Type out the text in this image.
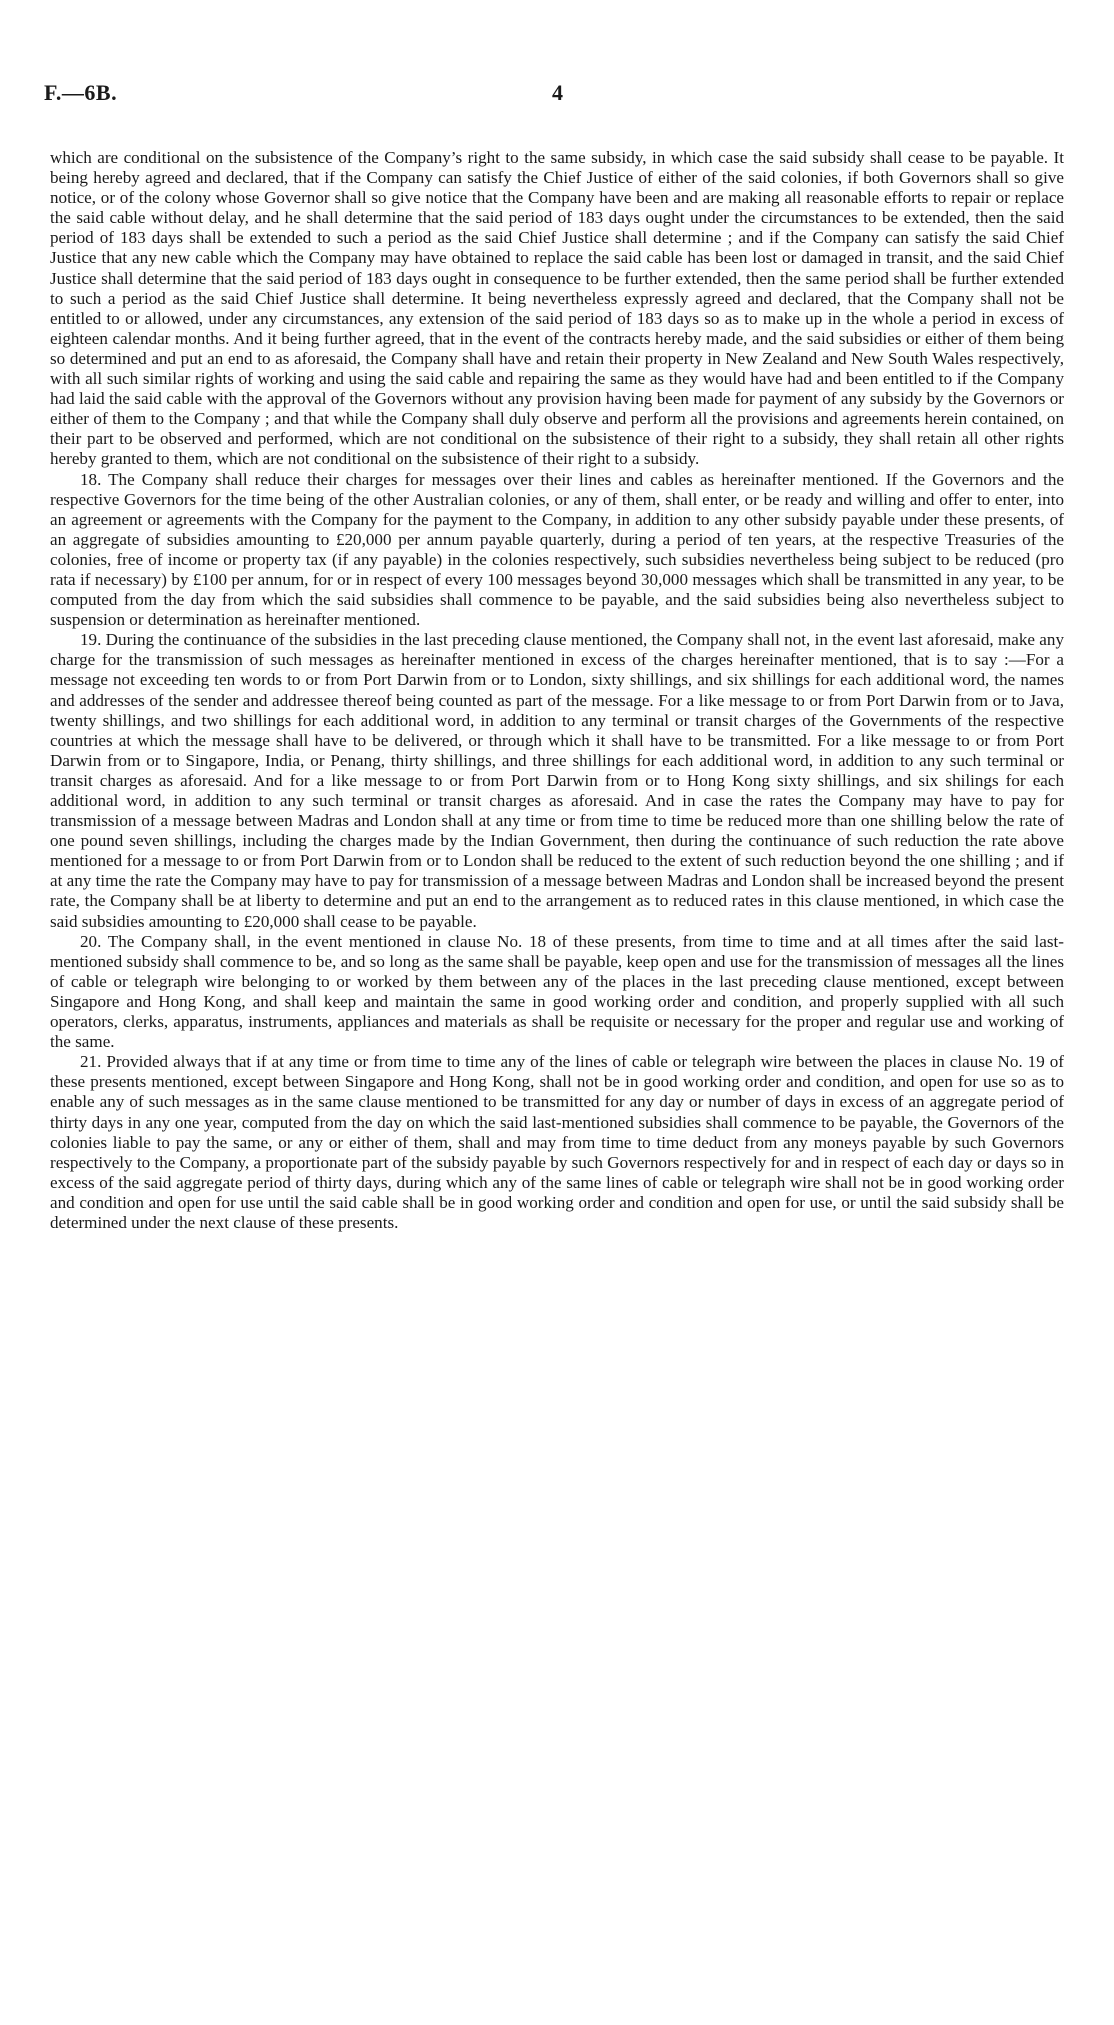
F.—6B.	4

which are conditional on the subsistence of the Company’s right to the same subsidy, in which case the said subsidy shall cease to be payable. It being hereby agreed and declared, that if the Company can satisfy the Chief Justice of either of the said colonies, if both Governors shall so give notice, or of the colony whose Governor shall so give notice that the Company have been and are making all reasonable efforts to repair or replace the said cable without delay, and he shall determine that the said period of 183 days ought under the circumstances to be extended, then the said period of 183 days shall be extended to such a period as the said Chief Justice shall determine ; and if the Company can satisfy the said Chief Justice that any new cable which the Company may have obtained to replace the said cable has been lost or damaged in transit, and the said Chief Justice shall determine that the said period of 183 days ought in consequence to be further extended, then the same period shall be further extended to such a period as the said Chief Justice shall determine. It being nevertheless expressly agreed and declared, that the Company shall not be entitled to or allowed, under any circumstances, any extension of the said period of 183 days so as to make up in the whole a period in excess of eighteen calendar months. And it being further agreed, that in the event of the contracts hereby made, and the said subsidies or either of them being so determined and put an end to as aforesaid, the Company shall have and retain their property in New Zealand and New South Wales respectively, with all such similar rights of working and using the said cable and repairing the same as they would have had and been entitled to if the Company had laid the said cable with the approval of the Governors without any provision having been made for payment of any subsidy by the Governors or either of them to the Company ; and that while the Company shall duly observe and perform all the provisions and agreements herein contained, on their part to be observed and performed, which are not conditional on the subsistence of their right to a subsidy, they shall retain all other rights hereby granted to them, which are not conditional on the subsistence of their right to a subsidy.

18. The Company shall reduce their charges for messages over their lines and cables as hereinafter mentioned. If the Governors and the respective Governors for the time being of the other Australian colonies, or any of them, shall enter, or be ready and willing and offer to enter, into an agreement or agreements with the Company for the payment to the Company, in addition to any other subsidy payable under these presents, of an aggregate of subsidies amounting to £20,000 per annum payable quarterly, during a period of ten years, at the respective Treasuries of the colonies, free of income or property tax (if any payable) in the colonies respectively, such subsidies nevertheless being subject to be reduced (pro rata if necessary) by £100 per annum, for or in respect of every 100 messages beyond 30,000 messages which shall be transmitted in any year, to be computed from the day from which the said subsidies shall commence to be payable, and the said subsidies being also nevertheless subject to suspension or determination as hereinafter mentioned.

19. During the continuance of the subsidies in the last preceding clause mentioned, the Company shall not, in the event last aforesaid, make any charge for the transmission of such messages as hereinafter mentioned in excess of the charges hereinafter mentioned, that is to say :—For a message not exceeding ten words to or from Port Darwin from or to London, sixty shillings, and six shillings for each additional word, the names and addresses of the sender and addressee thereof being counted as part of the message. For a like message to or from Port Darwin from or to Java, twenty shillings, and two shillings for each additional word, in addition to any terminal or transit charges of the Governments of the respective countries at which the message shall have to be delivered, or through which it shall have to be transmitted. For a like message to or from Port Darwin from or to Singapore, India, or Penang, thirty shillings, and three shillings for each additional word, in addition to any such terminal or transit charges as aforesaid. And for a like message to or from Port Darwin from or to Hong Kong sixty shillings, and six shilings for each additional word, in addition to any such terminal or transit charges as aforesaid. And in case the rates the Company may have to pay for transmission of a message between Madras and London shall at any time or from time to time be reduced more than one shilling below the rate of one pound seven shillings, including the charges made by the Indian Government, then during the continuance of such reduction the rate above mentioned for a message to or from Port Darwin from or to London shall be reduced to the extent of such reduction beyond the one shilling ; and if at any time the rate the Company may have to pay for transmission of a message between Madras and London shall be increased beyond the present rate, the Company shall be at liberty to determine and put an end to the arrangement as to reduced rates in this clause mentioned, in which case the said subsidies amounting to £20,000 shall cease to be payable.

20. The Company shall, in the event mentioned in clause No. 18 of these presents, from time to time and at all times after the said last-mentioned subsidy shall commence to be, and so long as the same shall be payable, keep open and use for the transmission of messages all the lines of cable or telegraph wire belonging to or worked by them between any of the places in the last preceding clause mentioned, except between Singapore and Hong Kong, and shall keep and maintain the same in good working order and condition, and properly supplied with all such operators, clerks, apparatus, instruments, appliances and materials as shall be requisite or necessary for the proper and regular use and working of the same.

21. Provided always that if at any time or from time to time any of the lines of cable or telegraph wire between the places in clause No. 19 of these presents mentioned, except between Singapore and Hong Kong, shall not be in good working order and condition, and open for use so as to enable any of such messages as in the same clause mentioned to be transmitted for any day or number of days in excess of an aggregate period of thirty days in any one year, computed from the day on which the said last-mentioned subsidies shall commence to be payable, the Governors of the colonies liable to pay the same, or any or either of them, shall and may from time to time deduct from any moneys payable by such Governors respectively to the Company, a proportionate part of the subsidy payable by such Governors respectively for and in respect of each day or days so in excess of the said aggregate period of thirty days, during which any of the same lines of cable or telegraph wire shall not be in good working order and condition and open for use until the said cable shall be in good working order and condition and open for use, or until the said subsidy shall be determined under the next clause of these presents.
